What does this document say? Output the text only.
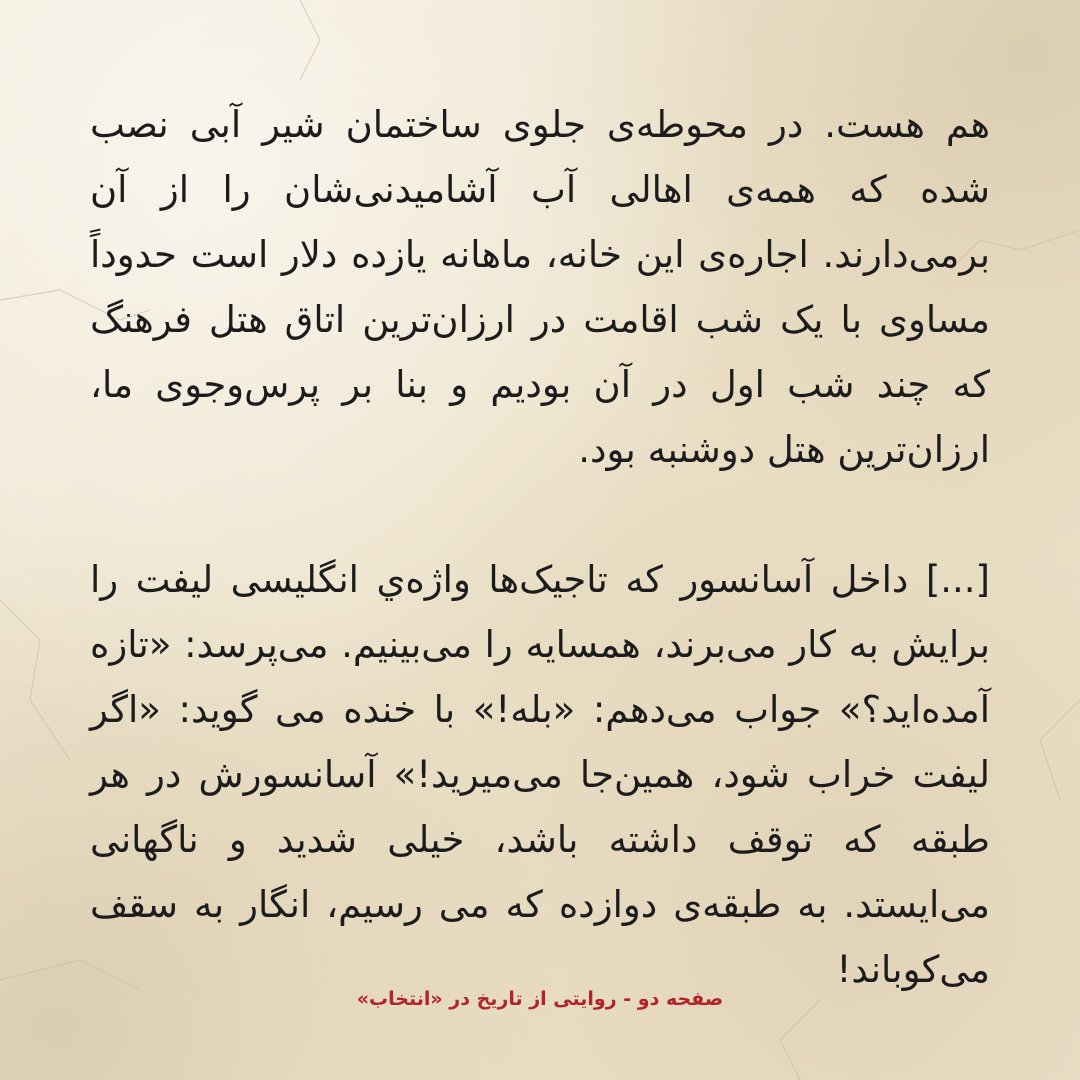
هم هست. در محوطه‌ی جلوی ساختمان شیر آبی نصب شده که همه‌ی اهالی آب آشامیدنی‌شان را از آن برمی‌دارند. اجاره‌ی این خانه، ماهانه یازده دلار است حدوداً مساوی با یک شب اقامت در ارزان‌ترین اتاق هتل فرهنگ که چند شب اول در آن بودیم و بنا بر پرس‌وجوی ما، ارزان‌ترین هتل دوشنبه بود.

[...] داخل آسانسور که تاجیک‌ها واژه‌ي انگلیسی لیفت را برایش به کار می‌برند، همسایه را می‌بینیم. می‌پرسد: «تازه آمده‌اید؟» جواب می‌دهم: «بله!» با خنده می گوید: «اگر لیفت خراب شود، همین‌جا می‌میرید!» آسانسورش در هر طبقه که توقف داشته باشد، خیلی شدید و ناگهانی می‌ایستد. به طبقه‌ی دوازده که می رسیم، انگار به سقف می‌کوباند!

صفحه دو - روایتی از تاریخ در «انتخاب»
